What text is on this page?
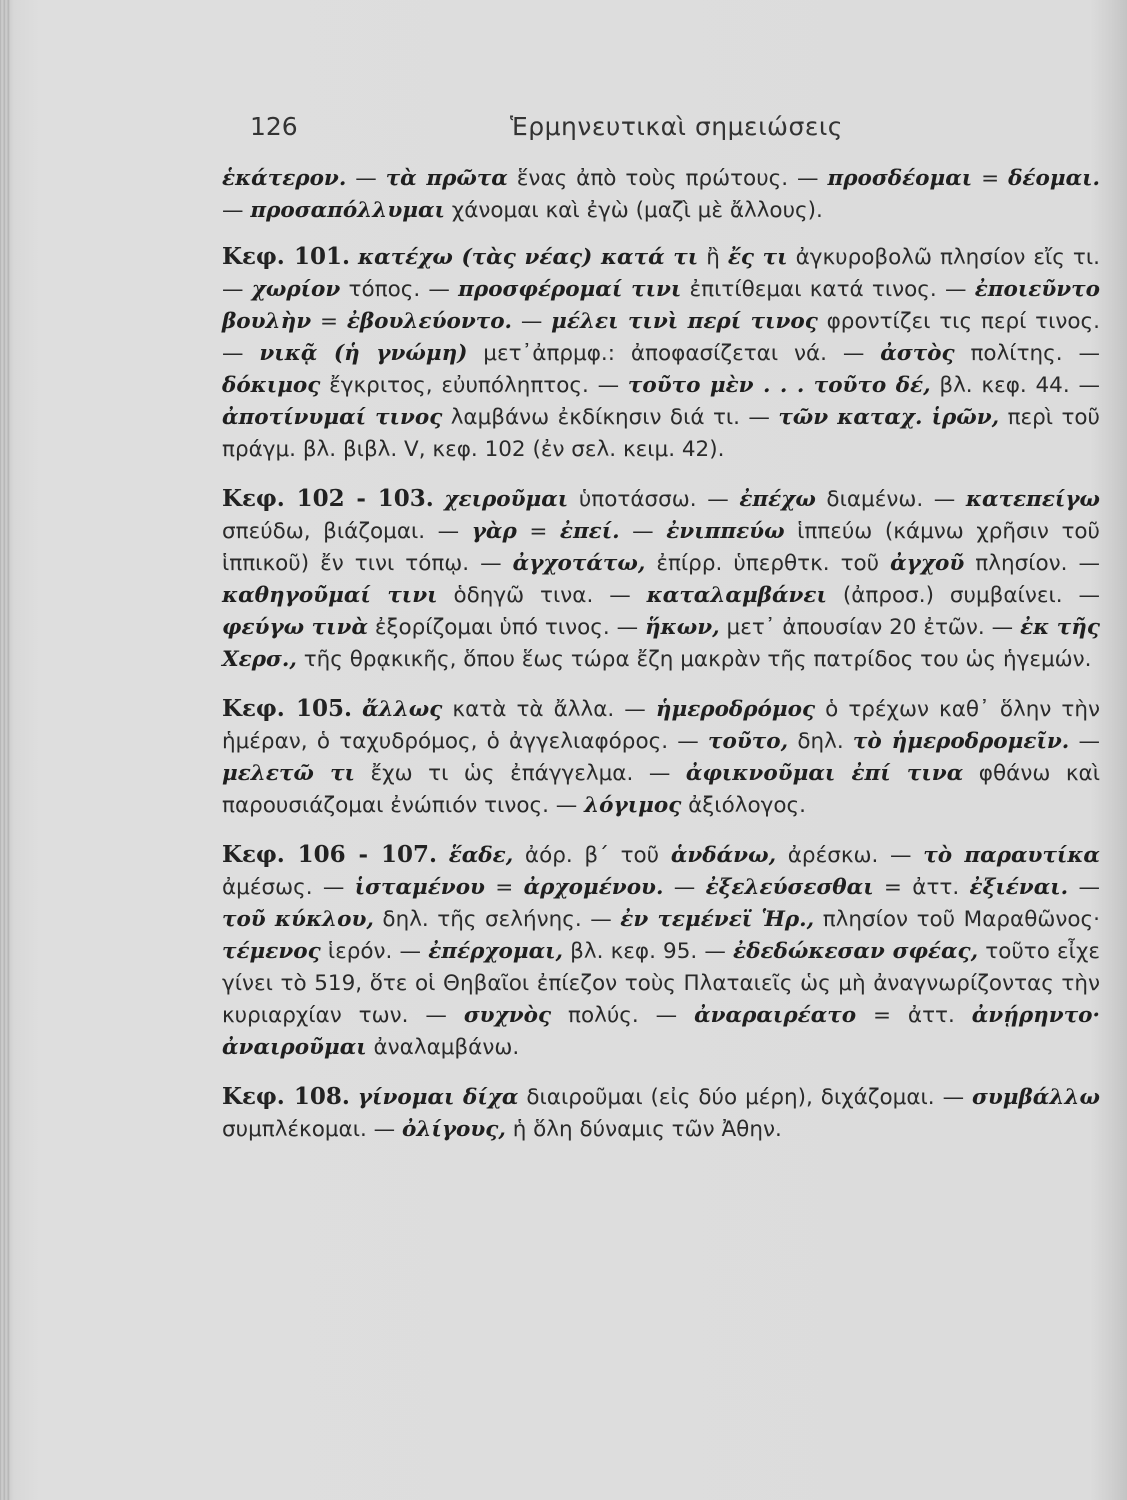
126	Ἑρμηνευτικαὶ σημειώσεις

ἑκάτερον. — τὰ πρῶτα ἕνας ἀπὸ τοὺς πρώτους. — προσδέομαι = δέομαι. — προσαπόλλυμαι χάνομαι καὶ ἐγὼ (μαζὶ μὲ ἄλλους).

Κεφ. 101. κατέχω (τὰς νέας) κατά τι ἢ ἔς τι ἀγκυροβολῶ πλησίον εἴς τι. — χωρίον τόπος. — προσφέρομαί τινι ἐπιτίθεμαι κατά τινος. — ἐποιεῦντο βουλὴν = ἐβουλεύοντο. — μέλει τινὶ περί τινος φροντίζει τις περί τινος. — νικᾷ (ἡ γνώμη) μετ᾽ἀπρμφ.: ἀποφασίζεται νά. — ἀστὸς πολίτης. — δόκιμος ἔγκριτος, εὐυπόληπτος. — τοῦτο μὲν . . . τοῦτο δέ, βλ. κεφ. 44. — ἀποτίνυμαί τινος λαμβάνω ἐκδίκησιν διά τι. — τῶν καταχ. ἱρῶν, περὶ τοῦ πράγμ. βλ. βιβλ. V, κεφ. 102 (ἐν σελ. κειμ. 42).

Κεφ. 102 - 103. χειροῦμαι ὑποτάσσω. — ἐπέχω διαμένω. — κατεπείγω σπεύδω, βιάζομαι. — γὰρ = ἐπεί. — ἐνιππεύω ἱππεύω (κάμνω χρῆσιν τοῦ ἱππικοῦ) ἔν τινι τόπῳ. — ἀγχοτάτω, ἐπίρρ. ὑπερθτκ. τοῦ ἀγχοῦ πλησίον. — καθηγοῦμαί τινι ὁδηγῶ τινα. — καταλαμβάνει (ἀπροσ.) συμβαίνει. — φεύγω τινὰ ἐξορίζομαι ὑπό τινος. — ἥκων, μετ᾽ ἀπουσίαν 20 ἐτῶν. — ἐκ τῆς Χερσ., τῆς θρᾳκικῆς, ὅπου ἕως τώρα ἔζη μακρὰν τῆς πατρίδος του ὡς ἡγεμών.

Κεφ. 105. ἄλλως κατὰ τὰ ἄλλα. — ἡμεροδρόμος ὁ τρέχων καθ᾽ ὅλην τὴν ἡμέραν, ὁ ταχυδρόμος, ὁ ἀγγελιαφόρος. — τοῦτο, δηλ. τὸ ἡμεροδρομεῖν. — μελετῶ τι ἔχω τι ὡς ἐπάγγελμα. — ἀφικνοῦμαι ἐπί τινα φθάνω καὶ παρουσιάζομαι ἐνώπιόν τινος. — λόγιμος ἀξιόλογος.

Κεφ. 106 - 107. ἕαδε, ἀόρ. β΄ τοῦ ἁνδάνω, ἀρέσκω. — τὸ παραυτίκα ἀμέσως. — ἱσταμένου = ἀρχομένου. — ἐξελεύσεσθαι = ἀττ. ἐξιέναι. — τοῦ κύκλου, δηλ. τῆς σελήνης. — ἐν τεμένεϊ Ἡρ., πλησίον τοῦ Μαραθῶνος· τέμενος ἱερόν. — ἐπέρχομαι, βλ. κεφ. 95. — ἐδεδώκεσαν σφέας, τοῦτο εἶχε γίνει τὸ 519, ὅτε οἱ Θηβαῖοι ἐπίεζον τοὺς Πλαταιεῖς ὡς μὴ ἀναγνωρίζοντας τὴν κυριαρχίαν των. — συχνὸς πολύς. — ἀναραιρέατο = ἀττ. ἀνῄρηντο· ἀναιροῦμαι ἀναλαμβάνω.

Κεφ. 108. γίνομαι δίχα διαιροῦμαι (εἰς δύο μέρη), διχάζομαι. — συμβάλλω συμπλέκομαι. — ὀλίγους, ἡ ὅλη δύναμις τῶν Ἀθην.
